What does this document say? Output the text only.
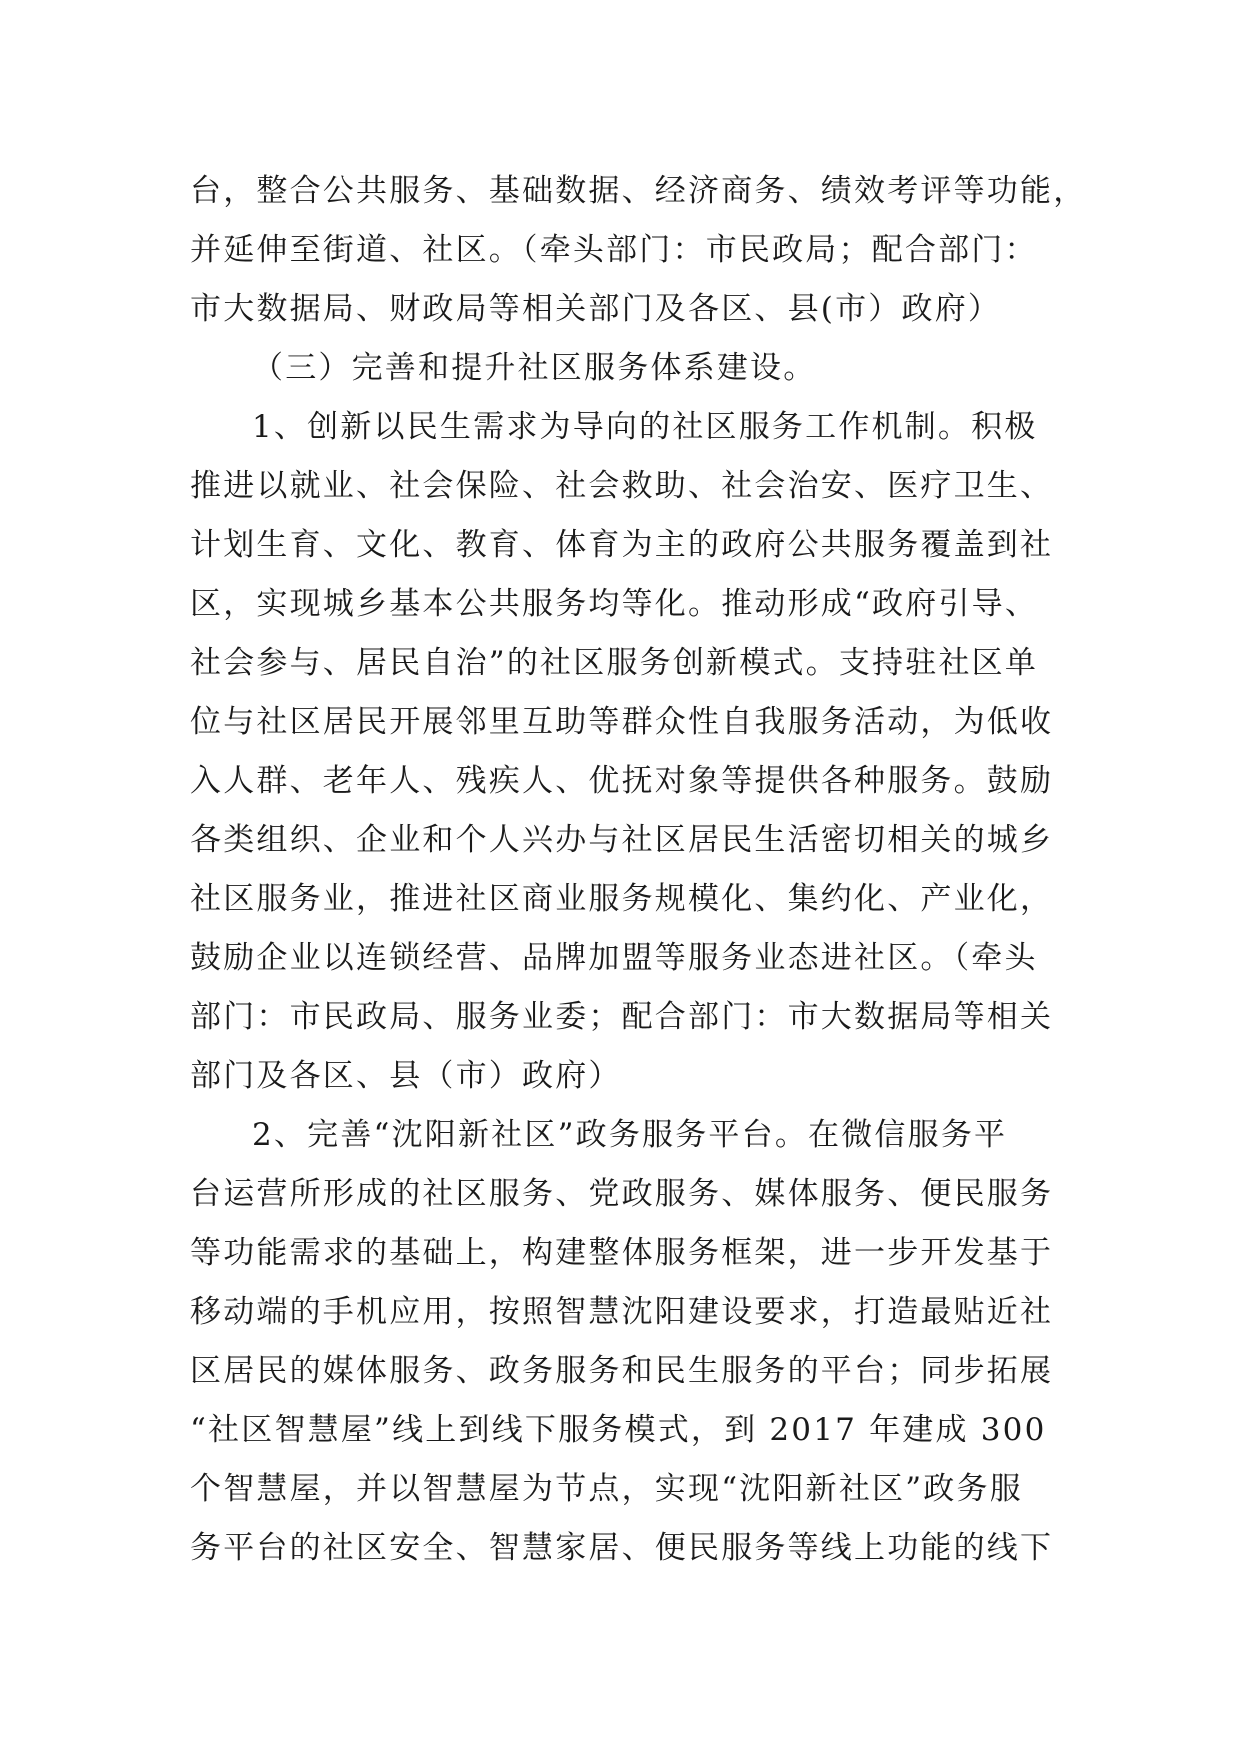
台，整合公共服务、基础数据、经济商务、绩效考评等功能，
并延伸至街道、社区。（牵头部门：市民政局；配合部门：
市大数据局、财政局等相关部门及各区、县(市）政府）
（三）完善和提升社区服务体系建设。
1、创新以民生需求为导向的社区服务工作机制。积极
推进以就业、社会保险、社会救助、社会治安、医疗卫生、
计划生育、文化、教育、体育为主的政府公共服务覆盖到社
区，实现城乡基本公共服务均等化。推动形成“政府引导、
社会参与、居民自治”的社区服务创新模式。支持驻社区单
位与社区居民开展邻里互助等群众性自我服务活动，为低收
入人群、老年人、残疾人、优抚对象等提供各种服务。鼓励
各类组织、企业和个人兴办与社区居民生活密切相关的城乡
社区服务业，推进社区商业服务规模化、集约化、产业化，
鼓励企业以连锁经营、品牌加盟等服务业态进社区。（牵头
部门：市民政局、服务业委；配合部门：市大数据局等相关
部门及各区、县（市）政府）
2、完善“沈阳新社区”政务服务平台。在微信服务平
台运营所形成的社区服务、党政服务、媒体服务、便民服务
等功能需求的基础上，构建整体服务框架，进一步开发基于
移动端的手机应用，按照智慧沈阳建设要求，打造最贴近社
区居民的媒体服务、政务服务和民生服务的平台；同步拓展
“社区智慧屋”线上到线下服务模式，到 2017 年建成 300
个智慧屋，并以智慧屋为节点，实现“沈阳新社区”政务服
务平台的社区安全、智慧家居、便民服务等线上功能的线下
